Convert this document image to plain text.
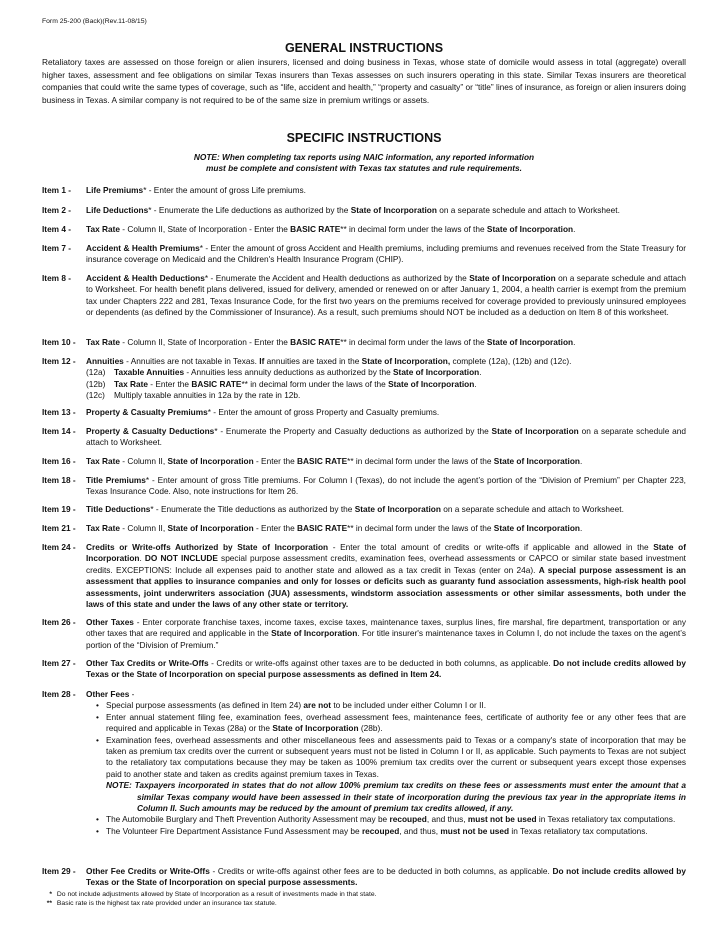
Form 25-200 (Back)(Rev.11-08/15)
GENERAL INSTRUCTIONS
Retaliatory taxes are assessed on those foreign or alien insurers, licensed and doing business in Texas, whose state of domicile would assess in total (aggregate) overall higher taxes, assessment and fee obligations on similar Texas insurers than Texas assesses on such insurers operating in this state. Similar Texas insurers are theoretical companies that could write the same types of coverage, such as “life, accident and health,” “property and casualty” or “title” lines of insurance, as foreign or alien insurers doing business in Texas. A similar company is not required to be of the same size in premium writings or assets.
SPECIFIC INSTRUCTIONS
NOTE: When completing tax reports using NAIC information, any reported information
must be complete and consistent with Texas tax statutes and rule requirements.
Item 1 - Life Premiums* - Enter the amount of gross Life premiums.
Item 2 - Life Deductions* - Enumerate the Life deductions as authorized by the State of Incorporation on a separate schedule and attach to Worksheet.
Item 4 - Tax Rate - Column II, State of Incorporation - Enter the BASIC RATE** in decimal form under the laws of the State of Incorporation.
Item 7 - Accident & Health Premiums* - Enter the amount of gross Accident and Health premiums, including premiums and revenues received from the State Treasury for insurance coverage on Medicaid and the Children's Health Insurance Program (CHIP).
Item 8 - Accident & Health Deductions* - Enumerate the Accident and Health deductions as authorized by the State of Incorporation on a separate schedule and attach to Worksheet. For health benefit plans delivered, issued for delivery, amended or renewed on or after January 1, 2004, a health carrier is exempt from the premium tax under Chapters 222 and 281, Texas Insurance Code, for the first two years on the premiums received for coverage provided to previously uninsured employees or dependents (as defined by the Commissioner of Insurance). As a result, such premiums should NOT be included as a deduction on Item 8 of this worksheet.
Item 10 - Tax Rate - Column II, State of Incorporation - Enter the BASIC RATE** in decimal form under the laws of the State of Incorporation.
Item 12 - Annuities - Annuities are not taxable in Texas. If annuities are taxed in the State of Incorporation, complete (12a), (12b) and (12c).
(12a) Taxable Annuities - Annuities less annuity deductions as authorized by the State of Incorporation.
(12b) Tax Rate - Enter the BASIC RATE** in decimal form under the laws of the State of Incorporation.
(12c) Multiply taxable annuities in 12a by the rate in 12b.
Item 13 - Property & Casualty Premiums* - Enter the amount of gross Property and Casualty premiums.
Item 14 - Property & Casualty Deductions* - Enumerate the Property and Casualty deductions as authorized by the State of Incorporation on a separate schedule and attach to Worksheet.
Item 16 - Tax Rate - Column II, State of Incorporation - Enter the BASIC RATE** in decimal form under the laws of the State of Incorporation.
Item 18 - Title Premiums* - Enter amount of gross Title premiums. For Column I (Texas), do not include the agent’s portion of the “Division of Premium” per Chapter 223, Texas Insurance Code. Also, note instructions for Item 26.
Item 19 - Title Deductions* - Enumerate the Title deductions as authorized by the State of Incorporation on a separate schedule and attach to Worksheet.
Item 21 - Tax Rate - Column II, State of Incorporation - Enter the BASIC RATE** in decimal form under the laws of the State of Incorporation.
Item 24 - Credits or Write-offs Authorized by State of Incorporation - Enter the total amount of credits or write-offs if applicable and allowed in the State of Incorporation. DO NOT INCLUDE special purpose assessment credits, examination fees, overhead assessments or CAPCO or similar state based investment credits. EXCEPTIONS: Include all expenses paid to another state and allowed as a tax credit in Texas (enter on 24a). A special purpose assessment is an assessment that applies to insurance companies and only for losses or deficits such as guaranty fund association assessments, high-risk health pool assessments, joint underwriters association (JUA) assessments, windstorm association assessments or other similar assessments, both under the laws of this state and under the laws of any other state or territory.
Item 26 - Other Taxes - Enter corporate franchise taxes, income taxes, excise taxes, maintenance taxes, surplus lines, fire marshal, fire department, transportation or any other taxes that are required and applicable in the State of Incorporation. For title insurer's maintenance taxes in Column I, do not include the taxes on the agent’s portion of the “Division of Premium.”
Item 27 - Other Tax Credits or Write-Offs - Credits or write-offs against other taxes are to be deducted in both columns, as applicable. Do not include credits allowed by Texas or the State of Incorporation on special purpose assessments as defined in Item 24.
Item 28 - Other Fees -
• Special purpose assessments (as defined in Item 24) are not to be included under either Column I or II.
• Enter annual statement filing fee, examination fees, overhead assessment fees, maintenance fees, certificate of authority fee or any other fees that are required and applicable in Texas (28a) or the State of Incorporation (28b).
• Examination fees, overhead assessments and other miscellaneous fees and assessments paid to Texas or a company's state of incorporation that may be taken as premium tax credits over the current or subsequent years must not be listed in Column I or II, as applicable. Such payments to Texas are not subject to the retaliatory tax computations because they may be taken as 100% premium tax credits over the current or subsequent years except those expenses paid to another state and taken as credits against premium taxes in Texas.
NOTE: Taxpayers incorporated in states that do not allow 100% premium tax credits on these fees or assessments must enter the amount that a similar Texas company would have been assessed in their state of incorporation during the previous tax year in the appropriate items in Column II. Such amounts may be reduced by the amount of premium tax credits allowed, if any.
• The Automobile Burglary and Theft Prevention Authority Assessment may be recouped, and thus, must not be used in Texas retaliatory tax computations.
• The Volunteer Fire Department Assistance Fund Assessment may be recouped, and thus, must not be used in Texas retaliatory tax computations.
Item 29 - Other Fee Credits or Write-Offs - Credits or write-offs against other fees are to be deducted in both columns, as applicable. Do not include credits allowed by Texas or the State of Incorporation on special purpose assessments.
* Do not include adjustments allowed by State of Incorporation as a result of investments made in that state.
** Basic rate is the highest tax rate provided under an insurance tax statute.
